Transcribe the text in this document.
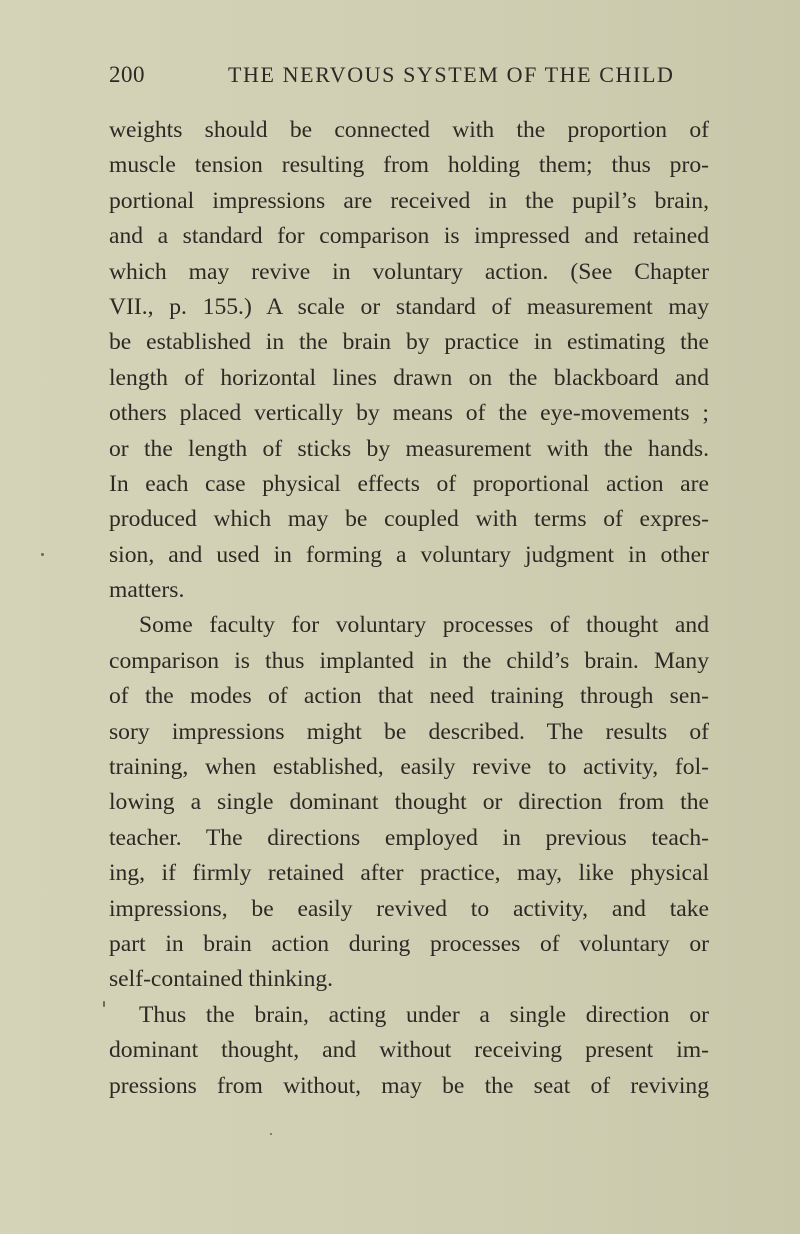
200	THE NERVOUS SYSTEM OF THE CHILD
weights should be connected with the proportion of
muscle tension resulting from holding them; thus pro-
portional impressions are received in the pupil’s brain,
and a standard for comparison is impressed and retained
which may revive in voluntary action. (See Chapter
VII., p. 155.) A scale or standard of measurement may
be established in the brain by practice in estimating the
length of horizontal lines drawn on the blackboard and
others placed vertically by means of the eye-movements ;
or the length of sticks by measurement with the hands.
In each case physical effects of proportional action are
produced which may be coupled with terms of expres-
sion, and used in forming a voluntary judgment in other
matters.
Some faculty for voluntary processes of thought and
comparison is thus implanted in the child’s brain. Many
of the modes of action that need training through sen-
sory impressions might be described. The results of
training, when established, easily revive to activity, fol-
lowing a single dominant thought or direction from the
teacher. The directions employed in previous teach-
ing, if firmly retained after practice, may, like physical
impressions, be easily revived to activity, and take
part in brain action during processes of voluntary or
self-contained thinking.
Thus the brain, acting under a single direction or
dominant thought, and without receiving present im-
pressions from without, may be the seat of reviving
